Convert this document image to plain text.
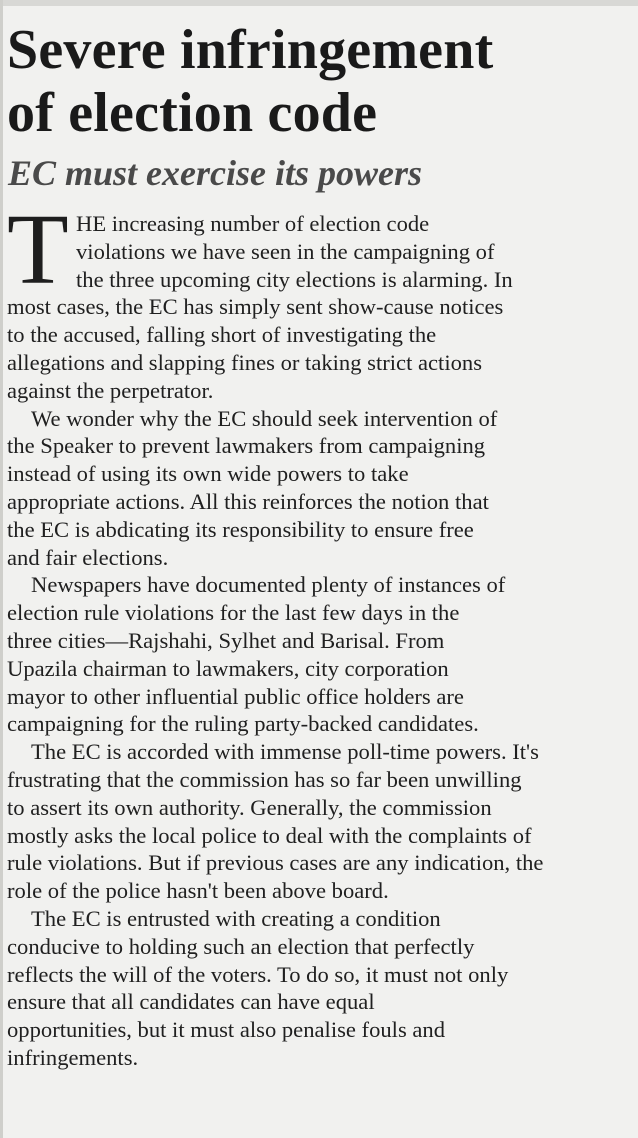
Severe infringement
of election code
EC must exercise its powers
T HE increasing number of election code
violations we have seen in the campaigning of
the three upcoming city elections is alarming. In
most cases, the EC has simply sent show-cause notices
to the accused, falling short of investigating the
allegations and slapping fines or taking strict actions
against the perpetrator.
We wonder why the EC should seek intervention of
the Speaker to prevent lawmakers from campaigning
instead of using its own wide powers to take
appropriate actions. All this reinforces the notion that
the EC is abdicating its responsibility to ensure free
and fair elections.
Newspapers have documented plenty of instances of
election rule violations for the last few days in the
three cities—Rajshahi, Sylhet and Barisal. From
Upazila chairman to lawmakers, city corporation
mayor to other influential public office holders are
campaigning for the ruling party-backed candidates.
The EC is accorded with immense poll-time powers. It's
frustrating that the commission has so far been unwilling
to assert its own authority. Generally, the commission
mostly asks the local police to deal with the complaints of
rule violations. But if previous cases are any indication, the
role of the police hasn't been above board.
The EC is entrusted with creating a condition
conducive to holding such an election that perfectly
reflects the will of the voters. To do so, it must not only
ensure that all candidates can have equal
opportunities, but it must also penalise fouls and
infringements.
